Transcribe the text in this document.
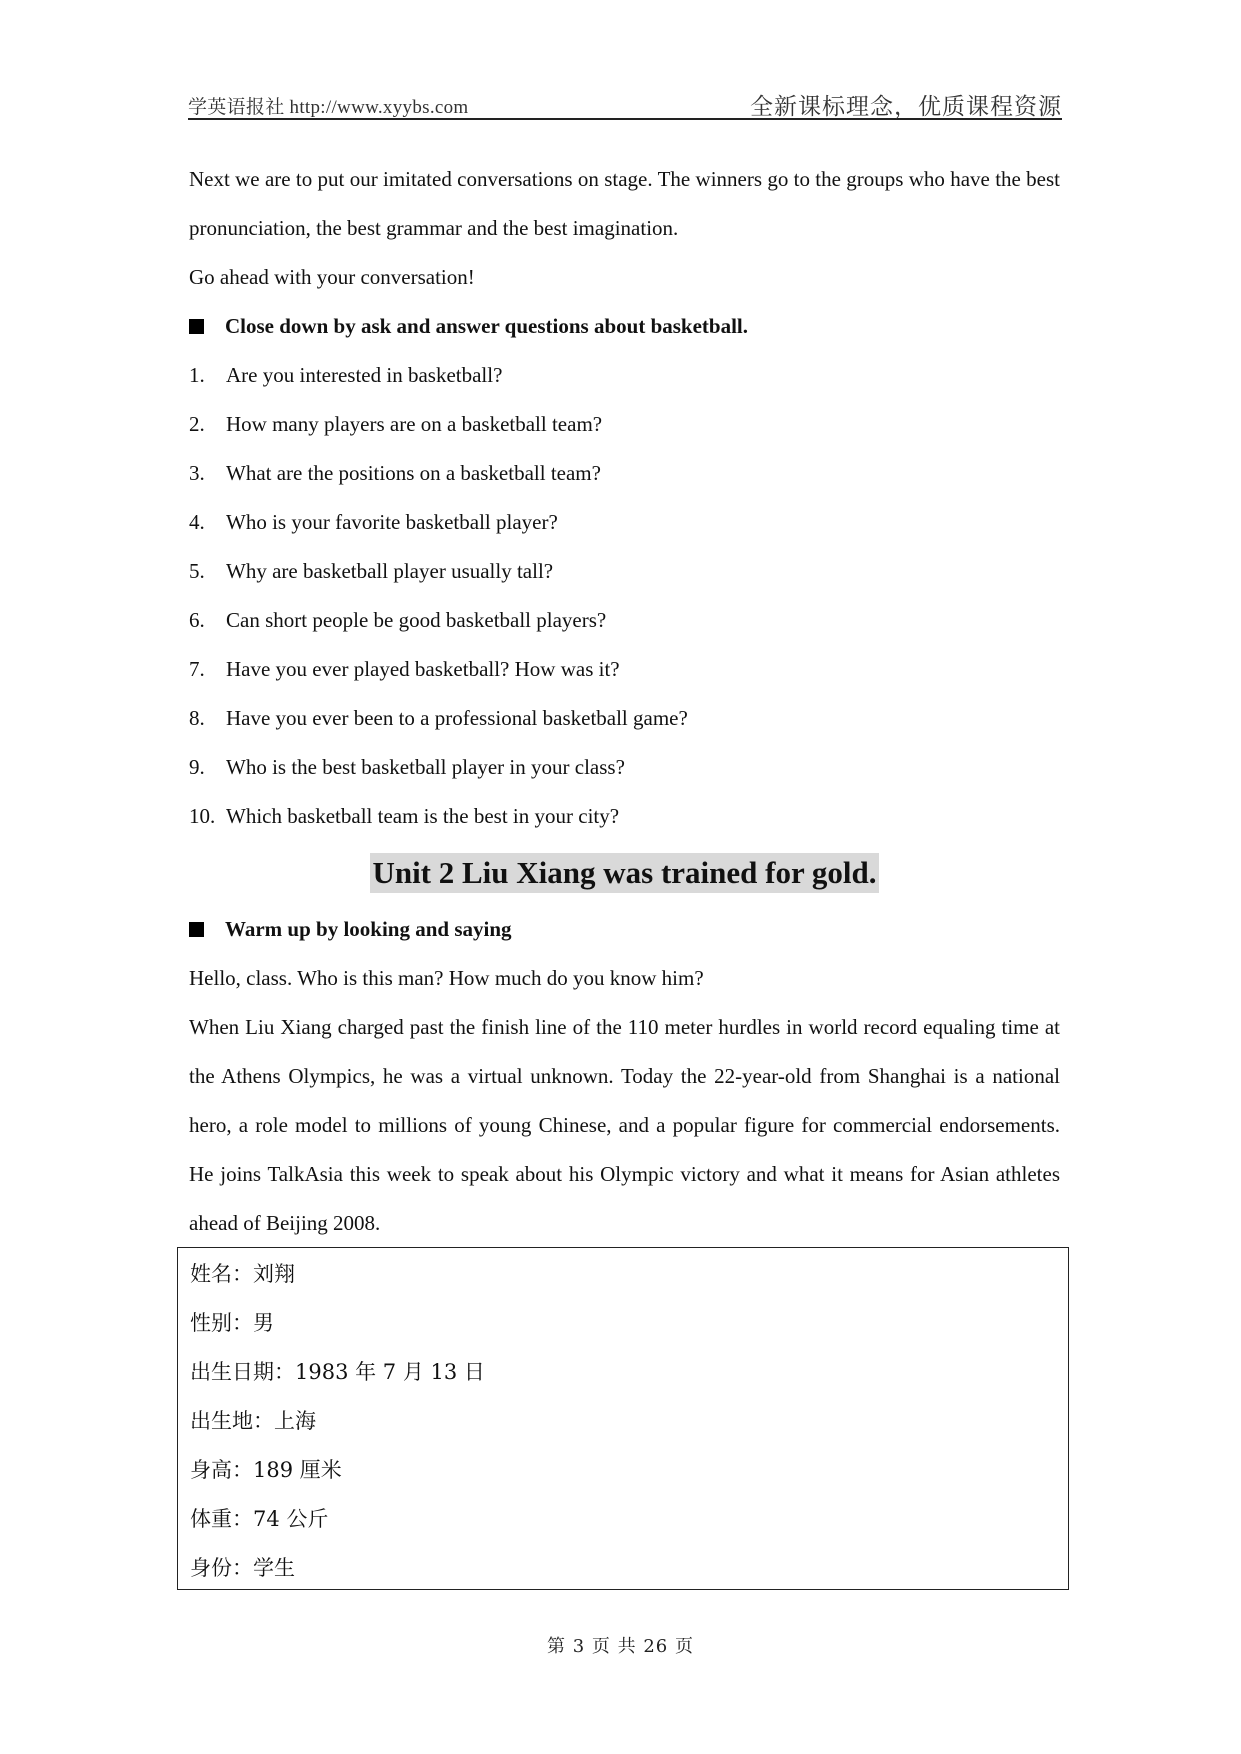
学英语报社 http://www.xyybs.com	全新课标理念，优质课程资源

Next we are to put our imitated conversations on stage. The winners go to the groups who have the best pronunciation, the best grammar and the best imagination.

Go ahead with your conversation!

Close down by ask and answer questions about basketball.

1. Are you interested in basketball?
2. How many players are on a basketball team?
3. What are the positions on a basketball team?
4. Who is your favorite basketball player?
5. Why are basketball player usually tall?
6. Can short people be good basketball players?
7. Have you ever played basketball? How was it?
8. Have you ever been to a professional basketball game?
9. Who is the best basketball player in your class?
10. Which basketball team is the best in your city?
Unit 2 Liu Xiang was trained for gold.

Warm up by looking and saying

Hello, class. Who is this man? How much do you know him?

When Liu Xiang charged past the finish line of the 110 meter hurdles in world record equaling time at the Athens Olympics, he was a virtual unknown. Today the 22-year-old from Shanghai is a national hero, a role model to millions of young Chinese, and a popular figure for commercial endorsements. He joins TalkAsia this week to speak about his Olympic victory and what it means for Asian athletes ahead of Beijing 2008.

姓名：刘翔

性别：男

出生日期：1983 年 7 月 13 日

出生地：上海

身高：189 厘米

体重：74 公斤

身份：学生

第 3 页 共 26 页
